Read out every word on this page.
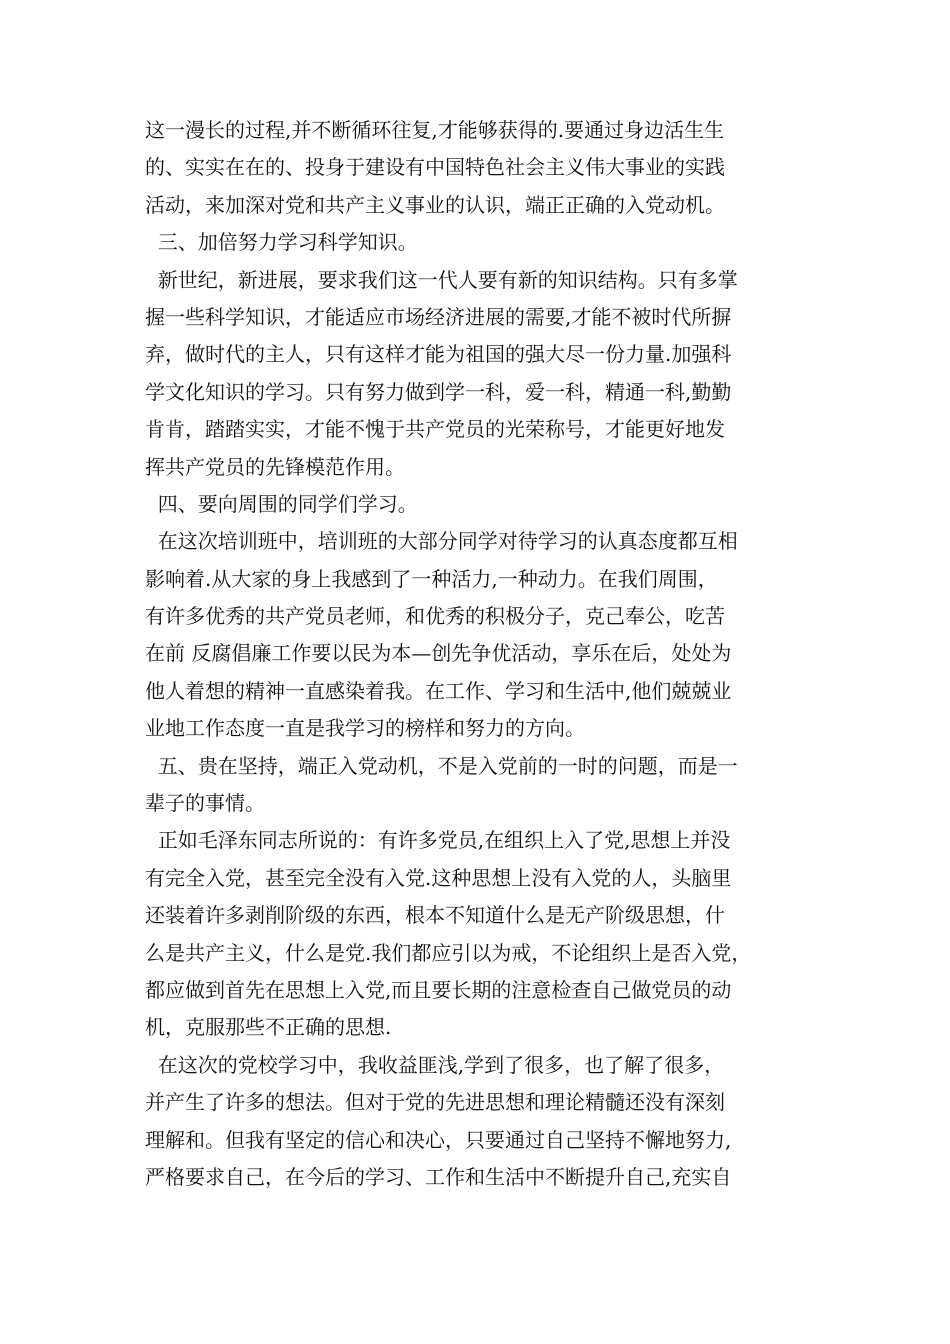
这一漫长的过程,并不断循环往复,才能够获得的.要通过身边活生生
的、实实在在的、投身于建设有中国特色社会主义伟大事业的实践
活动，来加深对党和共产主义事业的认识，端正正确的入党动机。
三、加倍努力学习科学知识。
新世纪，新进展，要求我们这一代人要有新的知识结构。只有多掌
握一些科学知识，才能适应市场经济进展的需要,才能不被时代所摒
弃，做时代的主人，只有这样才能为祖国的强大尽一份力量.加强科
学文化知识的学习。只有努力做到学一科，爱一科，精通一科,勤勤
肯肯，踏踏实实，才能不愧于共产党员的光荣称号，才能更好地发
挥共产党员的先锋模范作用。
四、要向周围的同学们学习。
在这次培训班中，培训班的大部分同学对待学习的认真态度都互相
影响着.从大家的身上我感到了一种活力,一种动力。在我们周围，
有许多优秀的共产党员老师，和优秀的积极分子，克己奉公，吃苦
在前 反腐倡廉工作要以民为本—创先争优活动，享乐在后，处处为
他人着想的精神一直感染着我。在工作、学习和生活中,他们兢兢业
业地工作态度一直是我学习的榜样和努力的方向。
五、贵在坚持，端正入党动机，不是入党前的一时的问题，而是一
辈子的事情。
正如毛泽东同志所说的：有许多党员,在组织上入了党,思想上并没
有完全入党，甚至完全没有入党.这种思想上没有入党的人，头脑里
还装着许多剥削阶级的东西，根本不知道什么是无产阶级思想，什
么是共产主义，什么是党.我们都应引以为戒，不论组织上是否入党，
都应做到首先在思想上入党,而且要长期的注意检查自己做党员的动
机，克服那些不正确的思想.
在这次的党校学习中，我收益匪浅,学到了很多，也了解了很多，
并产生了许多的想法。但对于党的先进思想和理论精髓还没有深刻
理解和。但我有坚定的信心和决心，只要通过自己坚持不懈地努力,
严格要求自己，在今后的学习、工作和生活中不断提升自己,充实自
